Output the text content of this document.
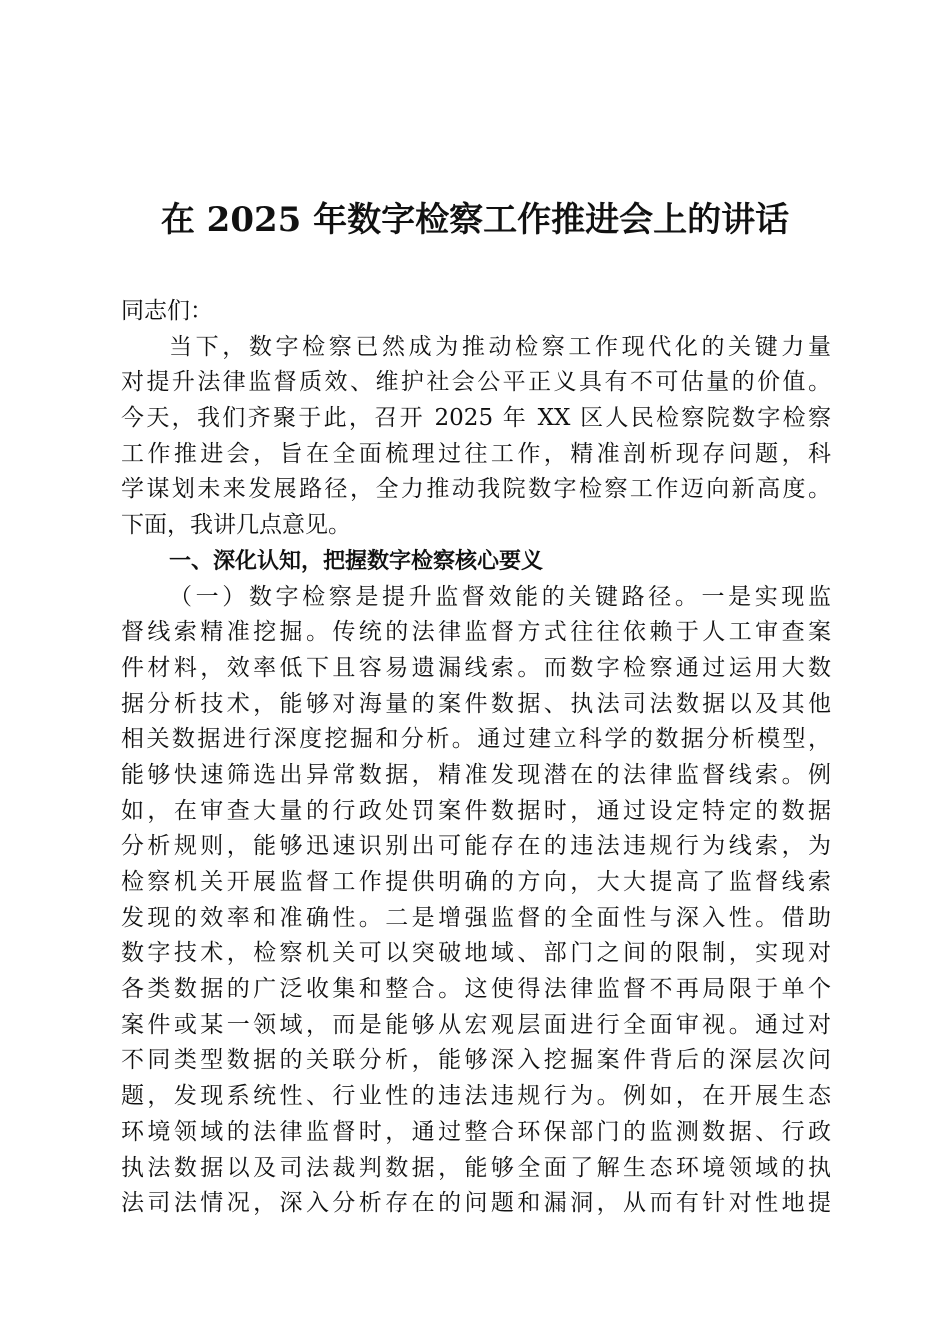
在 2025 年数字检察工作推进会上的讲话
同志们：
当下，数字检察已然成为推动检察工作现代化的关键力量
对提升法律监督质效、维护社会公平正义具有不可估量的价值。
今天，我们齐聚于此，召开 2025 年 XX 区人民检察院数字检察
工作推进会，旨在全面梳理过往工作，精准剖析现存问题，科
学谋划未来发展路径，全力推动我院数字检察工作迈向新高度。
下面，我讲几点意见。
一、深化认知，把握数字检察核心要义
（一）数字检察是提升监督效能的关键路径。一是实现监
督线索精准挖掘。传统的法律监督方式往往依赖于人工审查案
件材料，效率低下且容易遗漏线索。而数字检察通过运用大数
据分析技术，能够对海量的案件数据、执法司法数据以及其他
相关数据进行深度挖掘和分析。通过建立科学的数据分析模型，
能够快速筛选出异常数据，精准发现潜在的法律监督线索。例
如，在审查大量的行政处罚案件数据时，通过设定特定的数据
分析规则，能够迅速识别出可能存在的违法违规行为线索，为
检察机关开展监督工作提供明确的方向，大大提高了监督线索
发现的效率和准确性。二是增强监督的全面性与深入性。借助
数字技术，检察机关可以突破地域、部门之间的限制，实现对
各类数据的广泛收集和整合。这使得法律监督不再局限于单个
案件或某一领域，而是能够从宏观层面进行全面审视。通过对
不同类型数据的关联分析，能够深入挖掘案件背后的深层次问
题，发现系统性、行业性的违法违规行为。例如，在开展生态
环境领域的法律监督时，通过整合环保部门的监测数据、行政
执法数据以及司法裁判数据，能够全面了解生态环境领域的执
法司法情况，深入分析存在的问题和漏洞，从而有针对性地提
